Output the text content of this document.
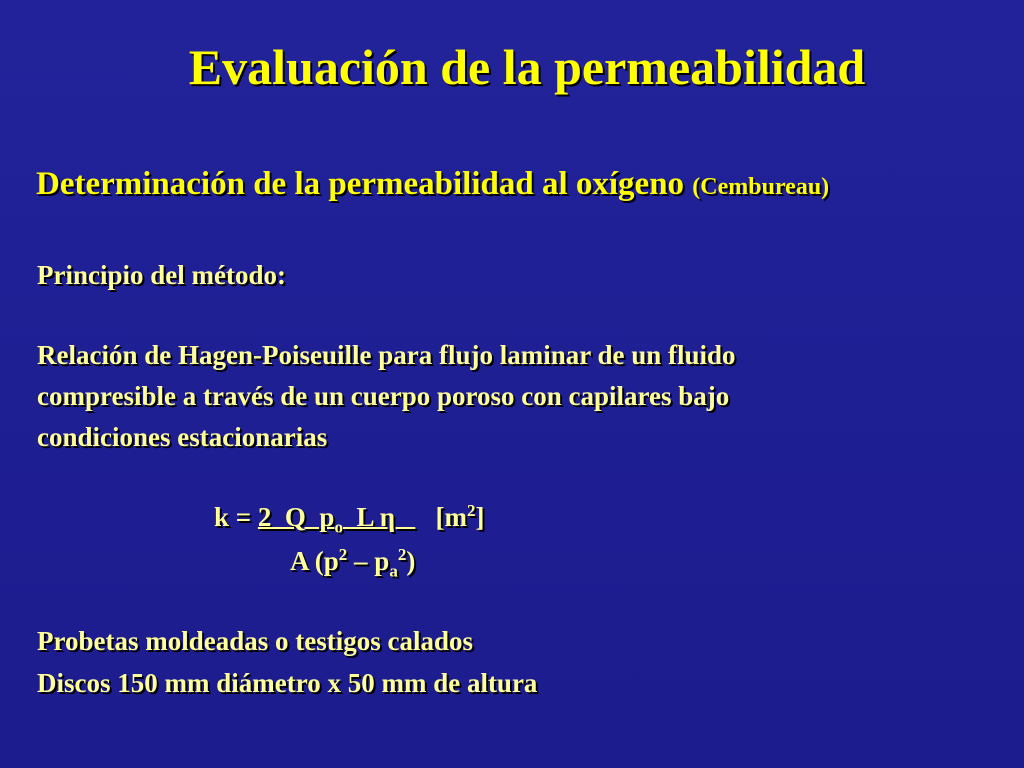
Evaluación de la permeabilidad
Determinación de la permeabilidad al oxígeno (Cembureau)
Principio del método:
Relación de Hagen-Poiseuille para flujo laminar de un fluido
compresible a través de un cuerpo poroso con capilares bajo
condiciones estacionarias
k = 2  Q  $p_o$  L η      $[m^2]$
A $(p^2 - p_a^2)$
Probetas moldeadas o testigos calados
Discos 150 mm diámetro x 50 mm de altura
